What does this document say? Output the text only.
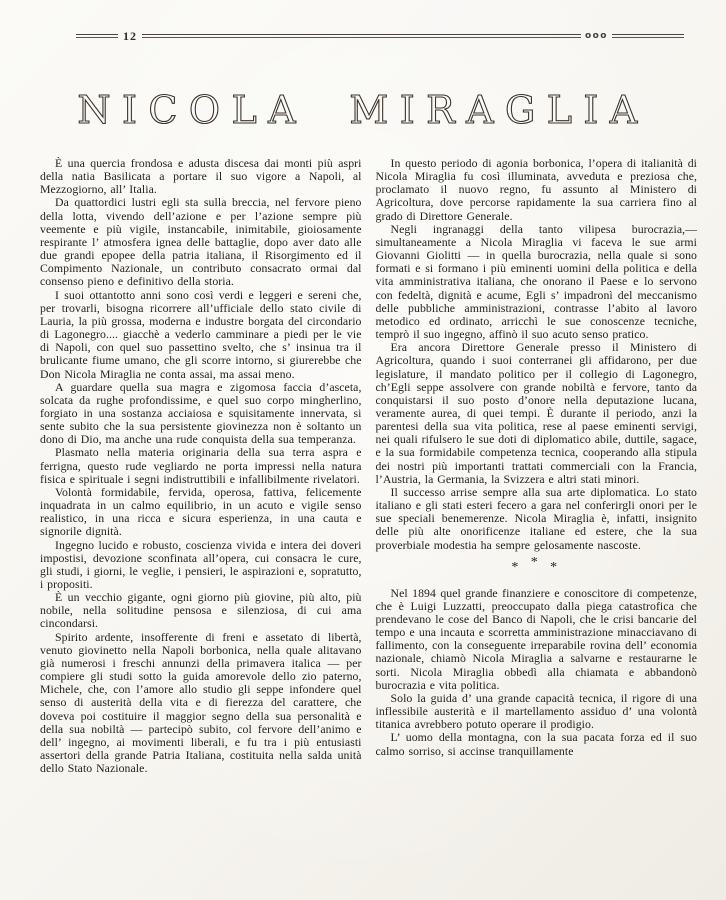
12	ooo
NICOLA MIRAGLIA

È una quercia frondosa e adusta discesa dai monti più aspri della natia Basilicata a portare il suo vigore a Napoli, al Mezzogiorno, all’ Italia.

Da quattordici lustri egli sta sulla breccia, nel fervore pieno della lotta, vivendo dell’azione e per l’azione sempre più veemente e più vigile, instancabile, inimitabile, gioiosamente respirante l’ atmosfera ignea delle battaglie, dopo aver dato alle due grandi epopee della patria italiana, il Risorgimento ed il Compimento Nazionale, un contributo consacrato ormai dal consenso pieno e definitivo della storia.

I suoi ottantotto anni sono così verdi e leggeri e sereni che, per trovarli, bisogna ricorrere all’ufficiale dello stato civile di Lauria, la più grossa, moderna e industre borgata del circondario di Lagonegro.... giacchè a vederlo camminare a piedi per le vie di Napoli, con quel suo passettino svelto, che s’ insinua tra il brulicante fiume umano, che gli scorre intorno, si giurerebbe che Don Nicola Miraglia ne conta assai, ma assai meno.

A guardare quella sua magra e zigomosa faccia d’asceta, solcata da rughe profondissime, e quel suo corpo mingherlino, forgiato in una sostanza acciaiosa e squisitamente innervata, si sente subito che la sua persistente giovinezza non è soltanto un dono di Dio, ma anche una rude conquista della sua temperanza.

Plasmato nella materia originaria della sua terra aspra e ferrigna, questo rude vegliardo ne porta impressi nella natura fisica e spirituale i segni indistruttibili e infallibilmente rivelatori.

Volontà formidabile, fervida, operosa, fattiva, felicemente inquadrata in un calmo equilibrio, in un acuto e vigile senso realistico, in una ricca e sicura esperienza, in una cauta e signorile dignità.

Ingegno lucido e robusto, coscienza vivida e intera dei doveri impostisi, devozione sconfinata all’opera, cui consacra le cure, gli studi, i giorni, le veglie, i pensieri, le aspirazioni e, sopratutto, i propositi.

È un vecchio gigante, ogni giorno più giovine, più alto, più nobile, nella solitudine pensosa e silenziosa, di cui ama cincondarsi.

Spirito ardente, insofferente di freni e assetato di libertà, venuto giovinetto nella Napoli borbonica, nella quale alitavano già numerosi i freschi annunzi della primavera italica — per compiere gli studi sotto la guida amorevole dello zio paterno, Michele, che, con l’amore allo studio gli seppe infondere quel senso di austerità della vita e di fierezza del carattere, che doveva poi costituire il maggior segno della sua personalità e della sua nobiltà — partecipò subito, col fervore dell’animo e dell’ ingegno, ai movimenti liberali, e fu tra i più entusiasti assertori della grande Patria Italiana, costituita nella salda unità dello Stato Nazionale.

In questo periodo di agonia borbonica, l’opera di italianità di Nicola Miraglia fu così illuminata, avveduta e preziosa che, proclamato il nuovo regno, fu assunto al Ministero di Agricoltura, dove percorse rapidamente la sua carriera fino al grado di Direttore Generale.

Negli ingranaggi della tanto vilipesa burocrazia,— simultaneamente a Nicola Miraglia vi faceva le sue armi Giovanni Giolitti — in quella burocrazia, nella quale si sono formati e si formano i più eminenti uomini della politica e della vita amministrativa italiana, che onorano il Paese e lo servono con fedeltà, dignità e acume, Egli s’ impadronì del meccanismo delle pubbliche amministrazioni, contrasse l’abito al lavoro metodico ed ordinato, arricchì le sue conoscenze tecniche, temprò il suo ingegno, affinò il suo acuto senso pratico.

Era ancora Direttore Generale presso il Ministero di Agricoltura, quando i suoi conterranei gli affidarono, per due legislature, il mandato politico per il collegio di Lagonegro, ch’Egli seppe assolvere con grande nobiltà e fervore, tanto da conquistarsi il suo posto d’onore nella deputazione lucana, veramente aurea, di quei tempi. È durante il periodo, anzi la parentesi della sua vita politica, rese al paese eminenti servigi, nei quali rifulsero le sue doti di diplomatico abile, duttile, sagace, e la sua formidabile competenza tecnica, cooperando alla stipula dei nostri più importanti trattati commerciali con la Francia, l’Austria, la Germania, la Svizzera e altri stati minori.

Il successo arrise sempre alla sua arte diplomatica. Lo stato italiano e gli stati esteri fecero a gara nel conferirgli onori per le sue speciali benemerenze. Nicola Miraglia è, infatti, insignito delle più alte onorificenze italiane ed estere, che la sua proverbiale modestia ha sempre gelosamente nascoste.

* * *

Nel 1894 quel grande finanziere e conoscitore di competenze, che è Luigi Luzzatti, preoccupato dalla piega catastrofica che prendevano le cose del Banco di Napoli, che le crisi bancarie del tempo e una incauta e scorretta amministrazione minacciavano di fallimento, con la conseguente irreparabile rovina dell’ economia nazionale, chiamò Nicola Miraglia a salvarne e restaurarne le sorti. Nicola Miraglia obbedì alla chiamata e abbandonò burocrazia e vita politica.

Solo la guida d’ una grande capacità tecnica, il rigore di una inflessibile austerità e il martellamento assiduo d’ una volontà titanica avrebbero potuto operare il prodigio.

L’ uomo della montagna, con la sua pacata forza ed il suo calmo sorriso, si accinse tranquillamente
